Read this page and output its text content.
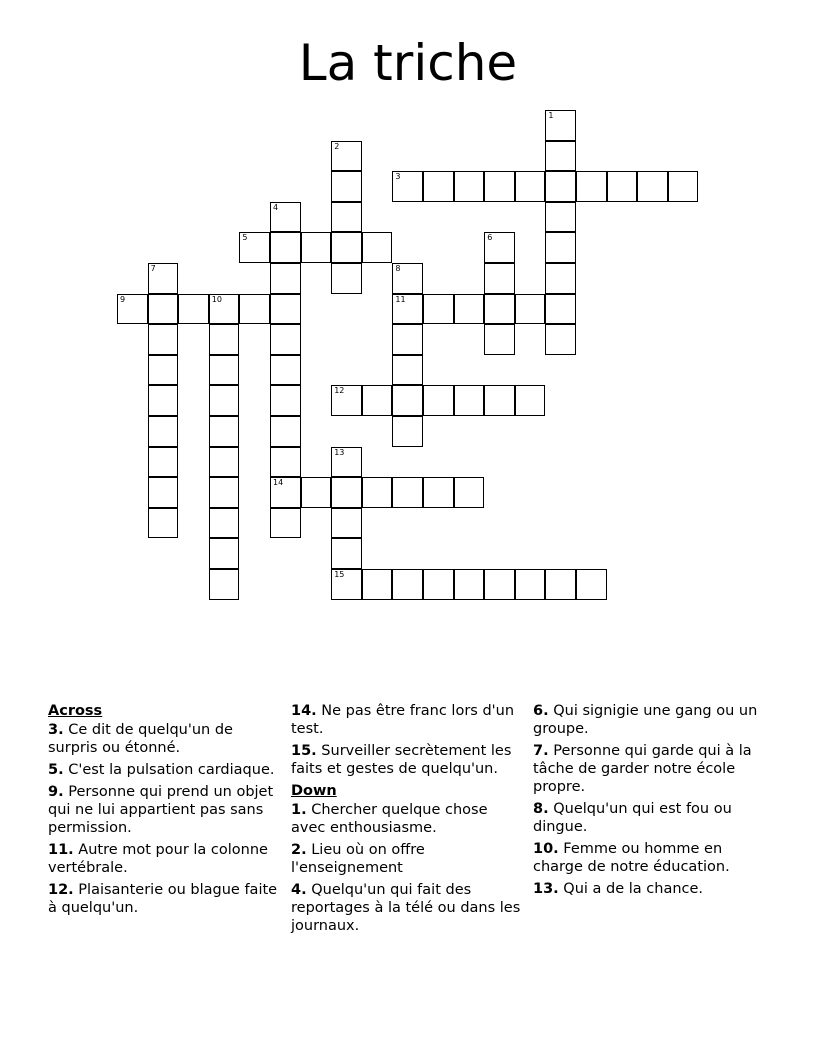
La triche
1
2
3
4
14
5	6
7	8
11
9	10
12
13
15
Across
3. Ce dit de quelqu'un de surpris ou étonné.
5. C'est la pulsation cardiaque.
9. Personne qui prend un objet qui ne lui appartient pas sans permission.
11. Autre mot pour la colonne vertébrale.
12. Plaisanterie ou blague faite à quelqu'un.
14. Ne pas être franc lors d'un test.
15. Surveiller secrètement les faits et gestes de quelqu'un.
Down
1. Chercher quelque chose avec enthousiasme.
2. Lieu où on offre l'enseignement
4. Quelqu'un qui fait des reportages à la télé ou dans les journaux.
6. Qui signigie une gang ou un groupe.
7. Personne qui garde qui à la tâche de garder notre école propre.
8. Quelqu'un qui est fou ou dingue.
10. Femme ou homme en charge de notre éducation.
13. Qui a de la chance.
